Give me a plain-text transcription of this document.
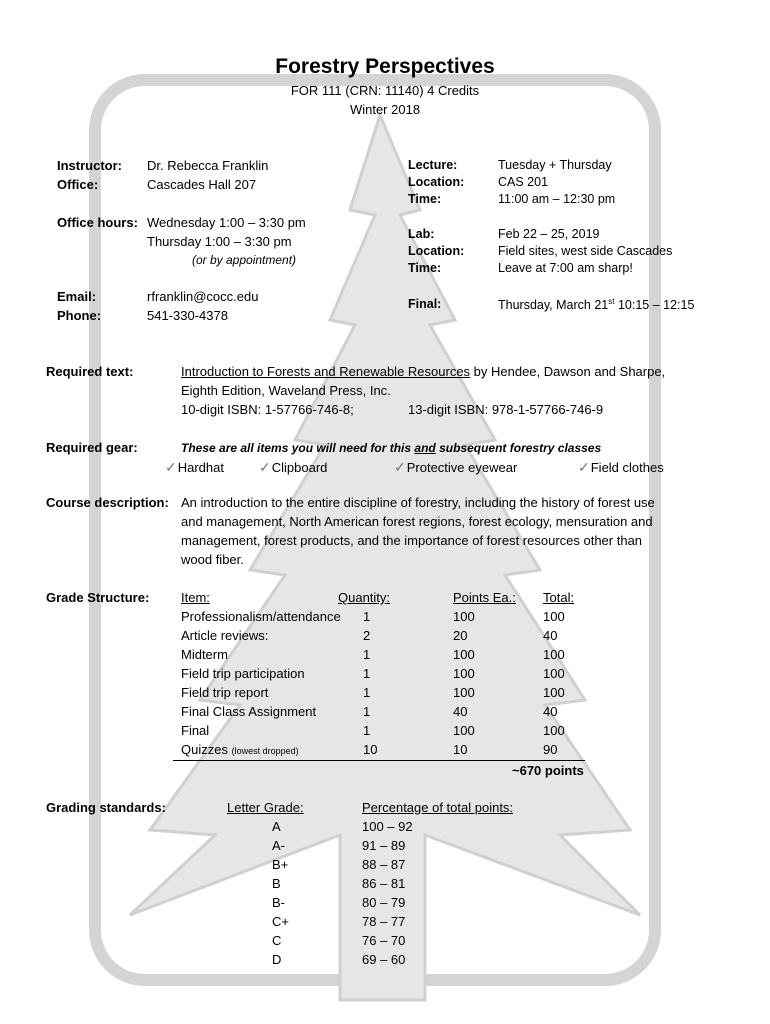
Forestry Perspectives
FOR 111 (CRN: 11140) 4 Credits
Winter 2018
Instructor: Dr. Rebecca Franklin
Office:	Cascades Hall 207
Office hours: Wednesday 1:00 – 3:30 pm
Thursday 1:00 – 3:30 pm
(or by appointment)
Email:	rfranklin@cocc.edu
Phone:	541-330-4378
Lecture:	Tuesday + Thursday
Location:	CAS 201
Time:	11:00 am – 12:30 pm
Lab:	Feb 22 – 25, 2019
Location:	Field sites, west side Cascades
Time:	Leave at 7:00 am sharp!
Final:	Thursday, March 21st 10:15 – 12:15
Required text:	Introduction to Forests and Renewable Resources by Hendee, Dawson and Sharpe,
Eighth Edition, Waveland Press, Inc.
10-digit ISBN: 1-57766-746-8;	13-digit ISBN: 978-1-57766-746-9
Required gear:	These are all items you will need for this and subsequent forestry classes
✓Hardhat	✓Clipboard	✓Protective eyewear	✓Field clothes
Course description: An introduction to the entire discipline of forestry, including the history of forest use
and management, North American forest regions, forest ecology, mensuration and
management, forest products, and the importance of forest resources other than
wood fiber.
Grade Structure: Item:	Quantity:	Points Ea.: Total:
Professionalism/attendance 1	100	100
Article reviews:	2	20	40
Midterm	1	100	100
Field trip participation	1	100	100
Field trip report	1	100	100
Final Class Assignment	1	40	40
Final	1	100	100
Quizzes (lowest dropped)	10	10	90
~670 points
Grading standards:	Letter Grade:	Percentage of total points:
A	100 – 92
A-	91 – 89
B+	88 – 87
B	86 – 81
B-	80 – 79
C+	78 – 77
C	76 – 70
D	69 – 60
